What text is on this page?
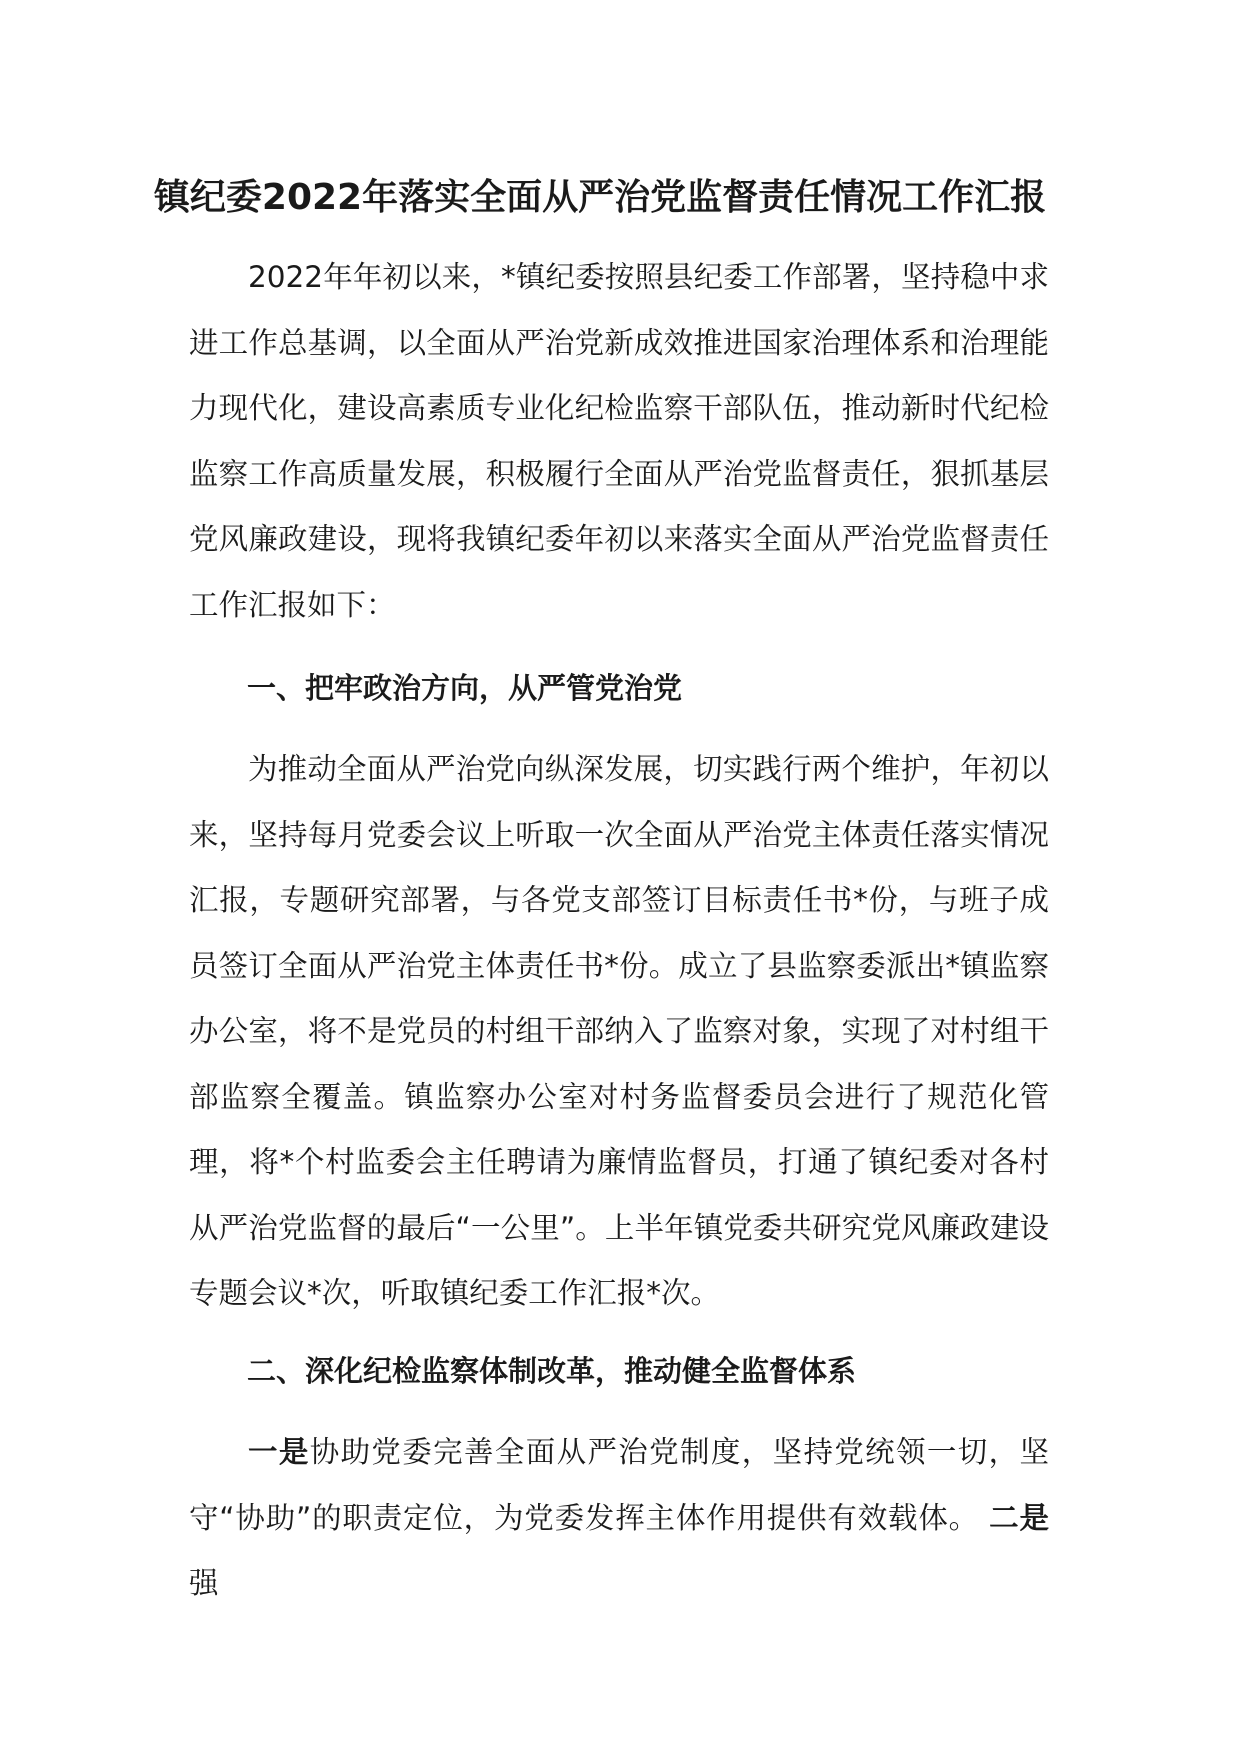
镇纪委2022年落实全面从严治党监督责任情况工作汇报

2022年年初以来，*镇纪委按照县纪委工作部署，坚持稳中求进工作总基调，以全面从严治党新成效推进国家治理体系和治理能力现代化，建设高素质专业化纪检监察干部队伍，推动新时代纪检监察工作高质量发展，积极履行全面从严治党监督责任，狠抓基层党风廉政建设，现将我镇纪委年初以来落实全面从严治党监督责任工作汇报如下：

一、把牢政治方向，从严管党治党

为推动全面从严治党向纵深发展，切实践行两个维护，年初以来，坚持每月党委会议上听取一次全面从严治党主体责任落实情况汇报，专题研究部署，与各党支部签订目标责任书*份，与班子成员签订全面从严治党主体责任书*份。成立了县监察委派出*镇监察办公室，将不是党员的村组干部纳入了监察对象，实现了对村组干部监察全覆盖。镇监察办公室对村务监督委员会进行了规范化管理，将*个村监委会主任聘请为廉情监督员，打通了镇纪委对各村从严治党监督的最后“一公里”。上半年镇党委共研究党风廉政建设专题会议*次，听取镇纪委工作汇报*次。

二、深化纪检监察体制改革，推动健全监督体系

一是协助党委完善全面从严治党制度，坚持党统领一切，坚守“协助”的职责定位，为党委发挥主体作用提供有效载体。 二是强
